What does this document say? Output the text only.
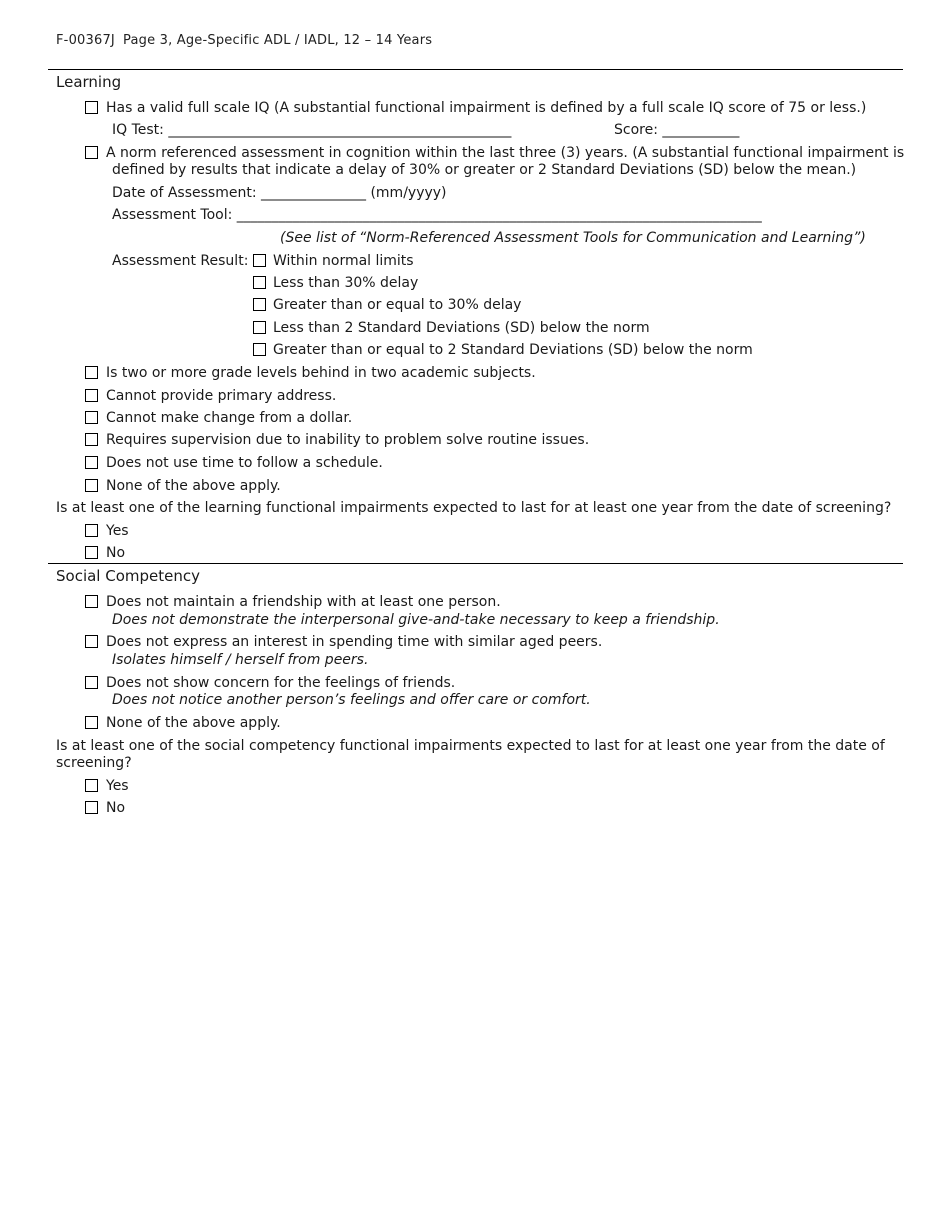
F-00367J Page 3, Age-Specific ADL / IADL, 12 – 14 Years
Learning
Has a valid full scale IQ (A substantial functional impairment is defined by a full scale IQ score of 75 or less.)
IQ Test: _________________________________________________	Score: ___________
A norm referenced assessment in cognition within the last three (3) years. (A substantial functional impairment is
defined by results that indicate a delay of 30% or greater or 2 Standard Deviations (SD) below the mean.)
Date of Assessment: _______________ (mm/yyyy)
Assessment Tool: ___________________________________________________________________________
(See list of “Norm-Referenced Assessment Tools for Communication and Learning”)
Assessment Result: Within normal limits
Less than 30% delay
Greater than or equal to 30% delay
Less than 2 Standard Deviations (SD) below the norm
Greater than or equal to 2 Standard Deviations (SD) below the norm
Is two or more grade levels behind in two academic subjects.
Cannot provide primary address.
Cannot make change from a dollar.
Requires supervision due to inability to problem solve routine issues.
Does not use time to follow a schedule.
None of the above apply.
Is at least one of the learning functional impairments expected to last for at least one year from the date of screening?
Yes
No
Social Competency
Does not maintain a friendship with at least one person.
Does not demonstrate the interpersonal give-and-take necessary to keep a friendship.
Does not express an interest in spending time with similar aged peers.
Isolates himself / herself from peers.
Does not show concern for the feelings of friends.
Does not notice another person’s feelings and offer care or comfort.
None of the above apply.
Is at least one of the social competency functional impairments expected to last for at least one year from the date of
screening?
Yes
No
